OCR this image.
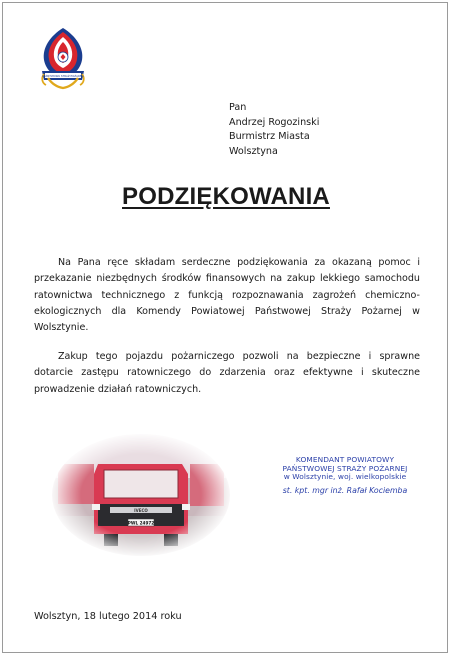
PAŃSTWOWA STRAŻ POŻARNA
Pan
Andrzej Rogozinski
Burmistrz Miasta
Wolsztyna
PODZIĘKOWANIA
Na Pana ręce składam serdeczne podziękowania za okazaną pomoc i przekazanie niezbędnych środków finansowych na zakup lekkiego samochodu ratownictwa technicznego z funkcją rozpoznawania zagrożeń chemiczno-ekologicznych dla Komendy Powiatowej Państwowej Straży Pożarnej w Wolsztynie.
Zakup tego pojazdu pożarniczego pozwoli na bezpieczne i sprawne dotarcie zastępu ratowniczego do zdarzenia oraz efektywne i skuteczne prowadzenie działań ratowniczych.
IVECO
PWL 24972
KOMENDANT POWIATOWY
PAŃSTWOWEJ STRAŻY POŻARNEJ
w Wolsztynie, woj. wielkopolskie
st. kpt. mgr inż. Rafał Kociemba
Wolsztyn, 18 lutego 2014 roku
